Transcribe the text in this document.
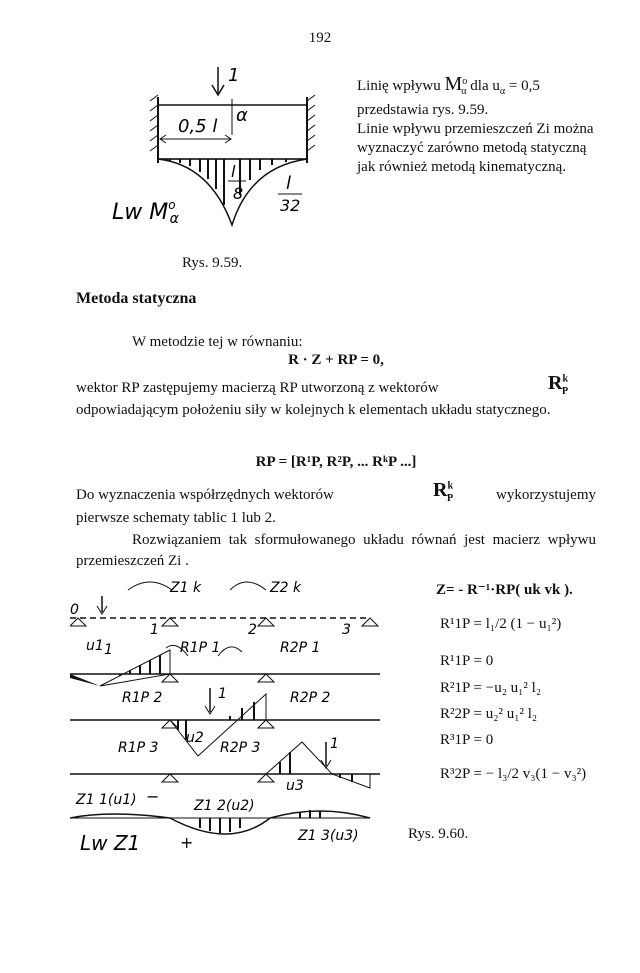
192
1
α
0,5 l
l
8 l
32
Lw $M^o$ α
Rys. 9.59.

Linię wpływu $M^o_\alpha$ dla $u_\alpha = 0,5$

przedstawia rys. 9.59.

Linie wpływu przemieszczeń Zi można wyznaczyć zarówno metodą statyczną jak również metodą kinematyczną.

Metoda statyczna
W metodzie tej w równaniu:
R · Z + RP = 0,
wektor RP zastępujemy macierzą RP utworzoną z wektorów	$R^k_P$
odpowiadającym położeniu siły w kolejnych k elementach układu statycznego.
RP = [R¹P, R²P, ... RᵏP ...]
Do wyznaczenia współrzędnych wektorów	$R^k_P$	wykorzystujemy
pierwsze schematy tablic 1 lub 2.
Rozwiązaniem tak sformułowanego układu równań jest macierz wpływu przemieszczeń Zi .
Z= - R⁻¹·RP( uk vk ).
R¹1P = l₁/2 (1 − u₁²)
R¹1P = 0
R²1P = −u₂ u₁² l₂
R²2P = u₂² u₁² l₂
R³1P = 0
R³2P = − l₃/2 v₃(1 − v₃²)
0
1	2	3
Z1 k	Z2 k
u1 1	R1P 1	R2P 1
R1P 2	R2P 2
1
u2
R1P 3	R2P 3	1
u3
Z1 1(u1) − Z1 2(u2)
Z1 3(u3)
+
Lw Z1	Rys. 9.60.
